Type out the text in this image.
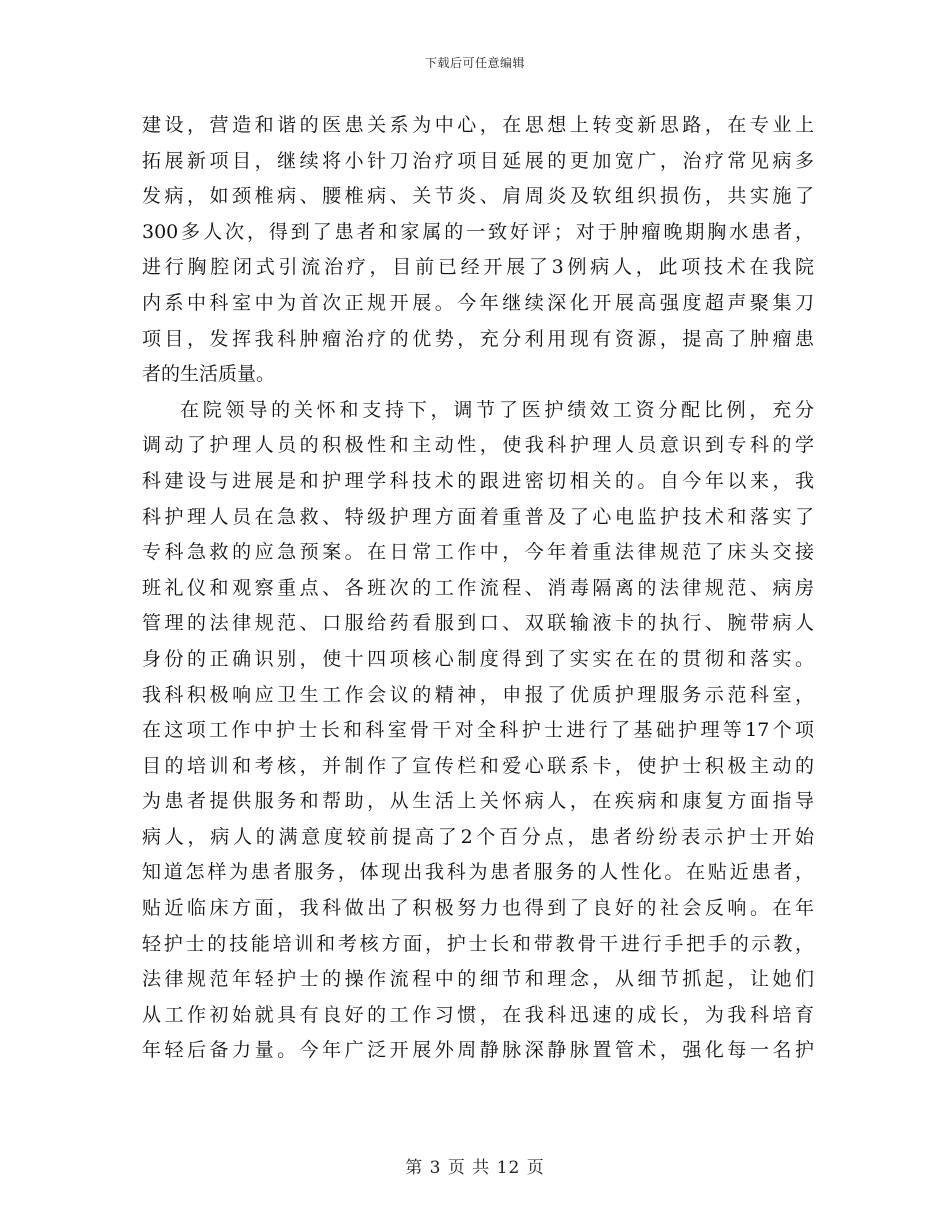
下载后可任意编辑
建设，营造和谐的医患关系为中心，在思想上转变新思路，在专业上
拓展新项目，继续将小针刀治疗项目延展的更加宽广，治疗常见病多
发病，如颈椎病、腰椎病、关节炎、肩周炎及软组织损伤，共实施了
300多人次，得到了患者和家属的一致好评；对于肿瘤晚期胸水患者，
进行胸腔闭式引流治疗，目前已经开展了3例病人，此项技术在我院
内系中科室中为首次正规开展。今年继续深化开展高强度超声聚集刀
项目，发挥我科肿瘤治疗的优势，充分利用现有资源，提高了肿瘤患
者的生活质量。
在院领导的关怀和支持下，调节了医护绩效工资分配比例，充分
调动了护理人员的积极性和主动性，使我科护理人员意识到专科的学
科建设与进展是和护理学科技术的跟进密切相关的。自今年以来，我
科护理人员在急救、特级护理方面着重普及了心电监护技术和落实了
专科急救的应急预案。在日常工作中，今年着重法律规范了床头交接
班礼仪和观察重点、各班次的工作流程、消毒隔离的法律规范、病房
管理的法律规范、口服给药看服到口、双联输液卡的执行、腕带病人
身份的正确识别，使十四项核心制度得到了实实在在的贯彻和落实。
我科积极响应卫生工作会议的精神，申报了优质护理服务示范科室，
在这项工作中护士长和科室骨干对全科护士进行了基础护理等17个项
目的培训和考核，并制作了宣传栏和爱心联系卡，使护士积极主动的
为患者提供服务和帮助，从生活上关怀病人，在疾病和康复方面指导
病人，病人的满意度较前提高了2个百分点，患者纷纷表示护士开始
知道怎样为患者服务，体现出我科为患者服务的人性化。在贴近患者，
贴近临床方面，我科做出了积极努力也得到了良好的社会反响。在年
轻护士的技能培训和考核方面，护士长和带教骨干进行手把手的示教，
法律规范年轻护士的操作流程中的细节和理念，从细节抓起，让她们
从工作初始就具有良好的工作习惯，在我科迅速的成长，为我科培育
年轻后备力量。今年广泛开展外周静脉深静脉置管术，强化每一名护
第 3 页 共 12 页
